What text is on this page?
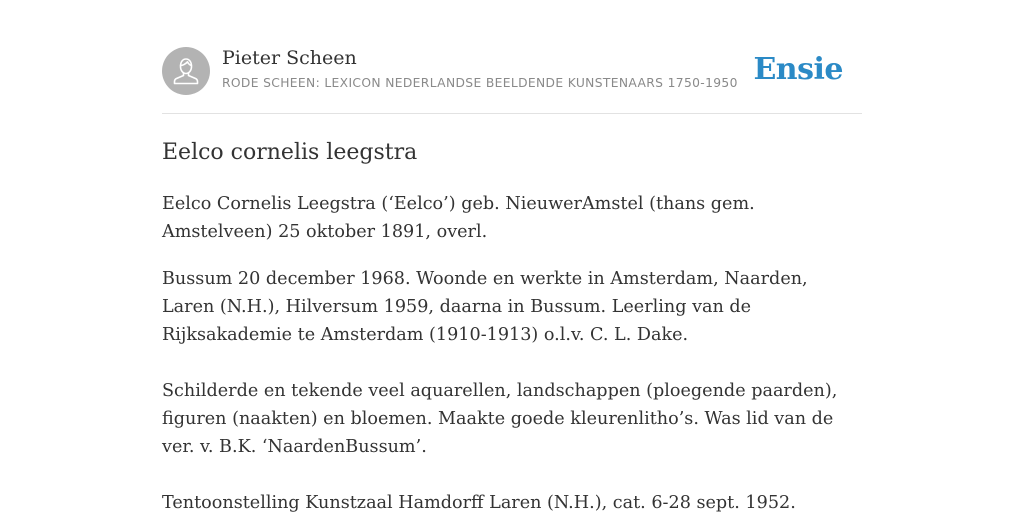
Pieter Scheen
RODE SCHEEN: LEXICON NEDERLANDSE BEELDENDE KUNSTENAARS 1750-1950 Ensie
Eelco cornelis leegstra

Eelco Cornelis Leegstra (‘Eelco’) geb. NieuwerAmstel (thans gem. Amstelveen) 25 oktober 1891, overl.

Bussum 20 december 1968. Woonde en werkte in Amsterdam, Naarden, Laren (N.H.), Hilversum 1959, daarna in Bussum. Leerling van de Rijksakademie te Amsterdam (1910-1913) o.l.v. C. L. Dake.

Schilderde en tekende veel aquarellen, landschappen (ploegende paarden), figuren (naakten) en bloemen. Maakte goede kleurenlitho’s. Was lid van de ver. v. B.K. ‘NaardenBussum’.

Tentoonstelling Kunstzaal Hamdorff Laren (N.H.), cat. 6-28 sept. 1952.
